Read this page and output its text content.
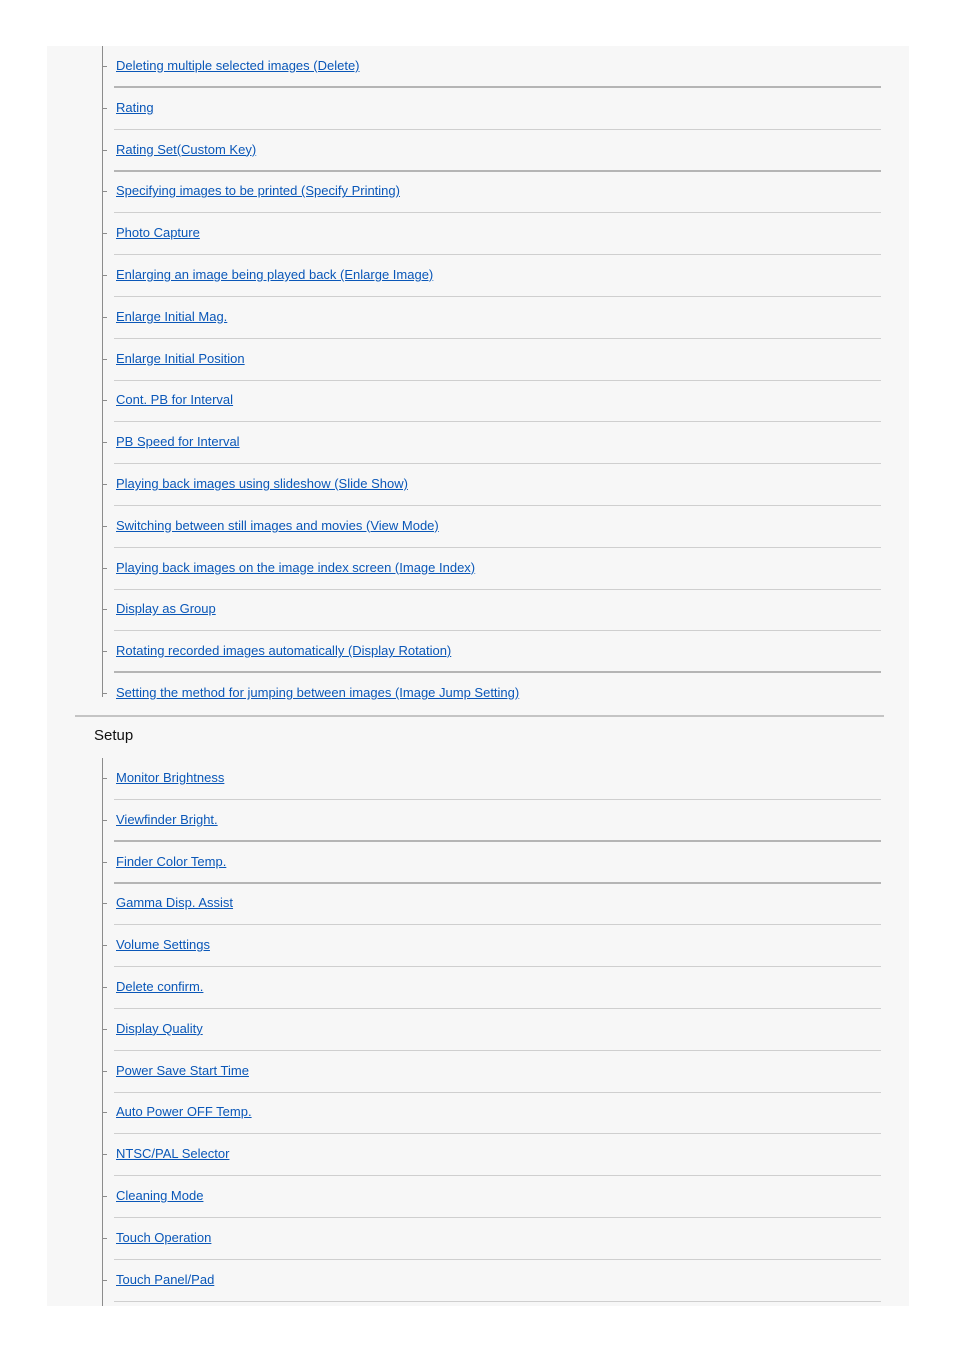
Deleting multiple selected images (Delete)
Rating
Rating Set(Custom Key)
Specifying images to be printed (Specify Printing)
Photo Capture
Enlarging an image being played back (Enlarge Image)
Enlarge Initial Mag.
Enlarge Initial Position
Cont. PB for Interval
PB Speed for Interval
Playing back images using slideshow (Slide Show)
Switching between still images and movies (View Mode)
Playing back images on the image index screen (Image Index)
Display as Group
Rotating recorded images automatically (Display Rotation)
Setting the method for jumping between images (Image Jump Setting)
Setup
Monitor Brightness
Viewfinder Bright.
Finder Color Temp.
Gamma Disp. Assist
Volume Settings
Delete confirm.
Display Quality
Power Save Start Time
Auto Power OFF Temp.
NTSC/PAL Selector
Cleaning Mode
Touch Operation
Touch Panel/Pad
